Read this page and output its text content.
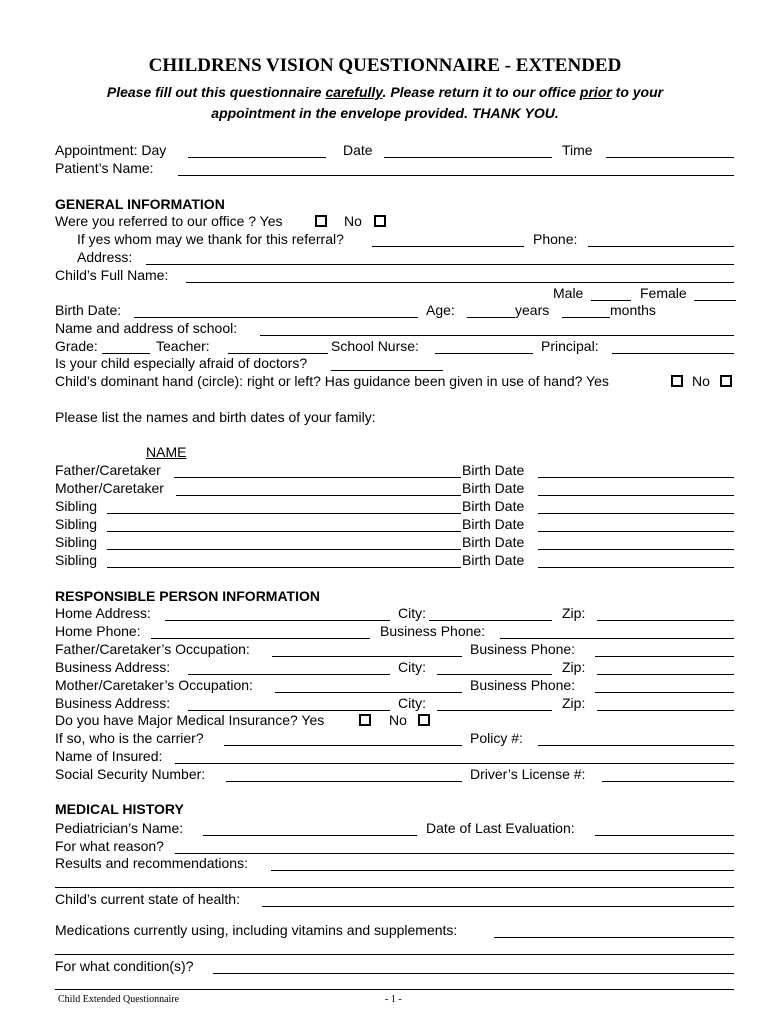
CHILDRENS VISION QUESTIONNAIRE - EXTENDED
Please fill out this questionnaire carefully. Please return it to our office prior to your
appointment in the envelope provided. THANK YOU.
Appointment: Day	Date	Time
Patient’s Name:
GENERAL INFORMATION
Were you referred to our office ? Yes	No
If yes whom may we thank for this referral?	Phone:
Address:
Child’s Full Name:
Male	Female
Birth Date:	Age:	years	months
Name and address of school:
Grade:	Teacher:	School Nurse:	Principal:
Is your child especially afraid of doctors?
Child’s dominant hand (circle): right or left? Has guidance been given in use of hand? Yes	No
Please list the names and birth dates of your family:
NAME
Father/Caretaker	Birth Date
Mother/Caretaker	Birth Date
Sibling	Birth Date
Sibling	Birth Date
Sibling	Birth Date
Sibling	Birth Date
RESPONSIBLE PERSON INFORMATION
Home Address:	City:	Zip:
Home Phone:	Business Phone:
Father/Caretaker’s Occupation:	Business Phone:
Business Address:	City:	Zip:
Mother/Caretaker’s Occupation:	Business Phone:
Business Address:	City:	Zip:
Do you have Major Medical Insurance? Yes	No
If so, who is the carrier?	Policy #:
Name of Insured:
Social Security Number:	Driver’s License #:
MEDICAL HISTORY
Pediatrician’s Name:	Date of Last Evaluation:
For what reason?
Results and recommendations:
Child’s current state of health:
Medications currently using, including vitamins and supplements:
For what condition(s)?
Child Extended Questionnaire	- 1 -
